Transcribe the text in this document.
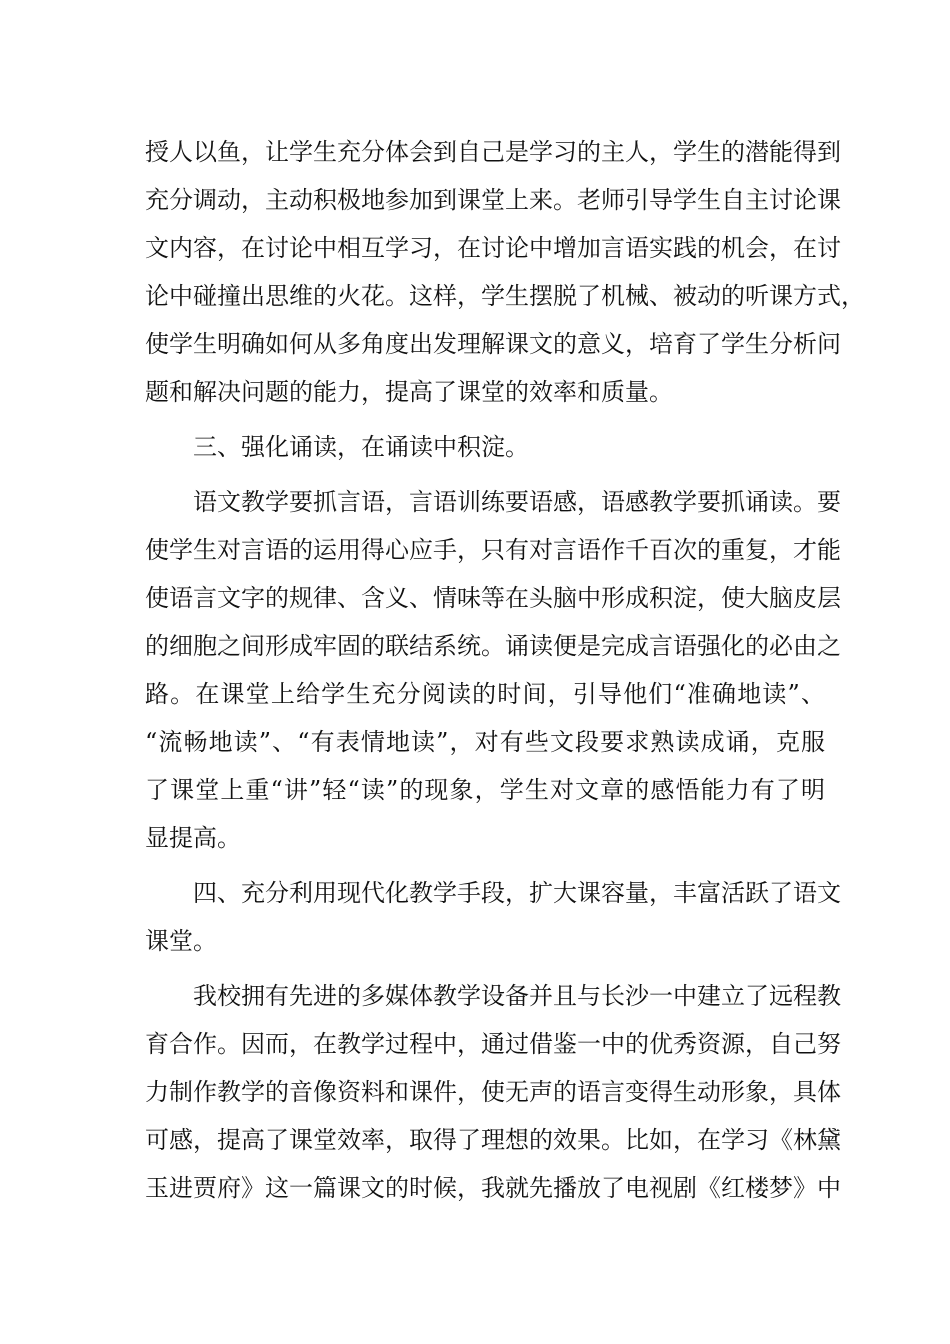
授人以鱼，让学生充分体会到自己是学习的主人，学生的潜能得到
充分调动，主动积极地参加到课堂上来。老师引导学生自主讨论课
文内容，在讨论中相互学习，在讨论中增加言语实践的机会，在讨
论中碰撞出思维的火花。这样，学生摆脱了机械、被动的听课方式，
使学生明确如何从多角度出发理解课文的意义，培育了学生分析问
题和解决问题的能力，提高了课堂的效率和质量。
三、强化诵读，在诵读中积淀。
语文教学要抓言语，言语训练要语感，语感教学要抓诵读。要
使学生对言语的运用得心应手，只有对言语作千百次的重复，才能
使语言文字的规律、含义、情味等在头脑中形成积淀，使大脑皮层
的细胞之间形成牢固的联结系统。诵读便是完成言语强化的必由之
路。在课堂上给学生充分阅读的时间，引导他们“准确地读”、
“流畅地读”、“有表情地读”，对有些文段要求熟读成诵，克服
了课堂上重“讲”轻“读”的现象，学生对文章的感悟能力有了明
显提高。
四、充分利用现代化教学手段，扩大课容量，丰富活跃了语文
课堂。
我校拥有先进的多媒体教学设备并且与长沙一中建立了远程教
育合作。因而，在教学过程中，通过借鉴一中的优秀资源，自己努
力制作教学的音像资料和课件，使无声的语言变得生动形象，具体
可感，提高了课堂效率，取得了理想的效果。比如，在学习《林黛
玉进贾府》这一篇课文的时候，我就先播放了电视剧《红楼梦》中
